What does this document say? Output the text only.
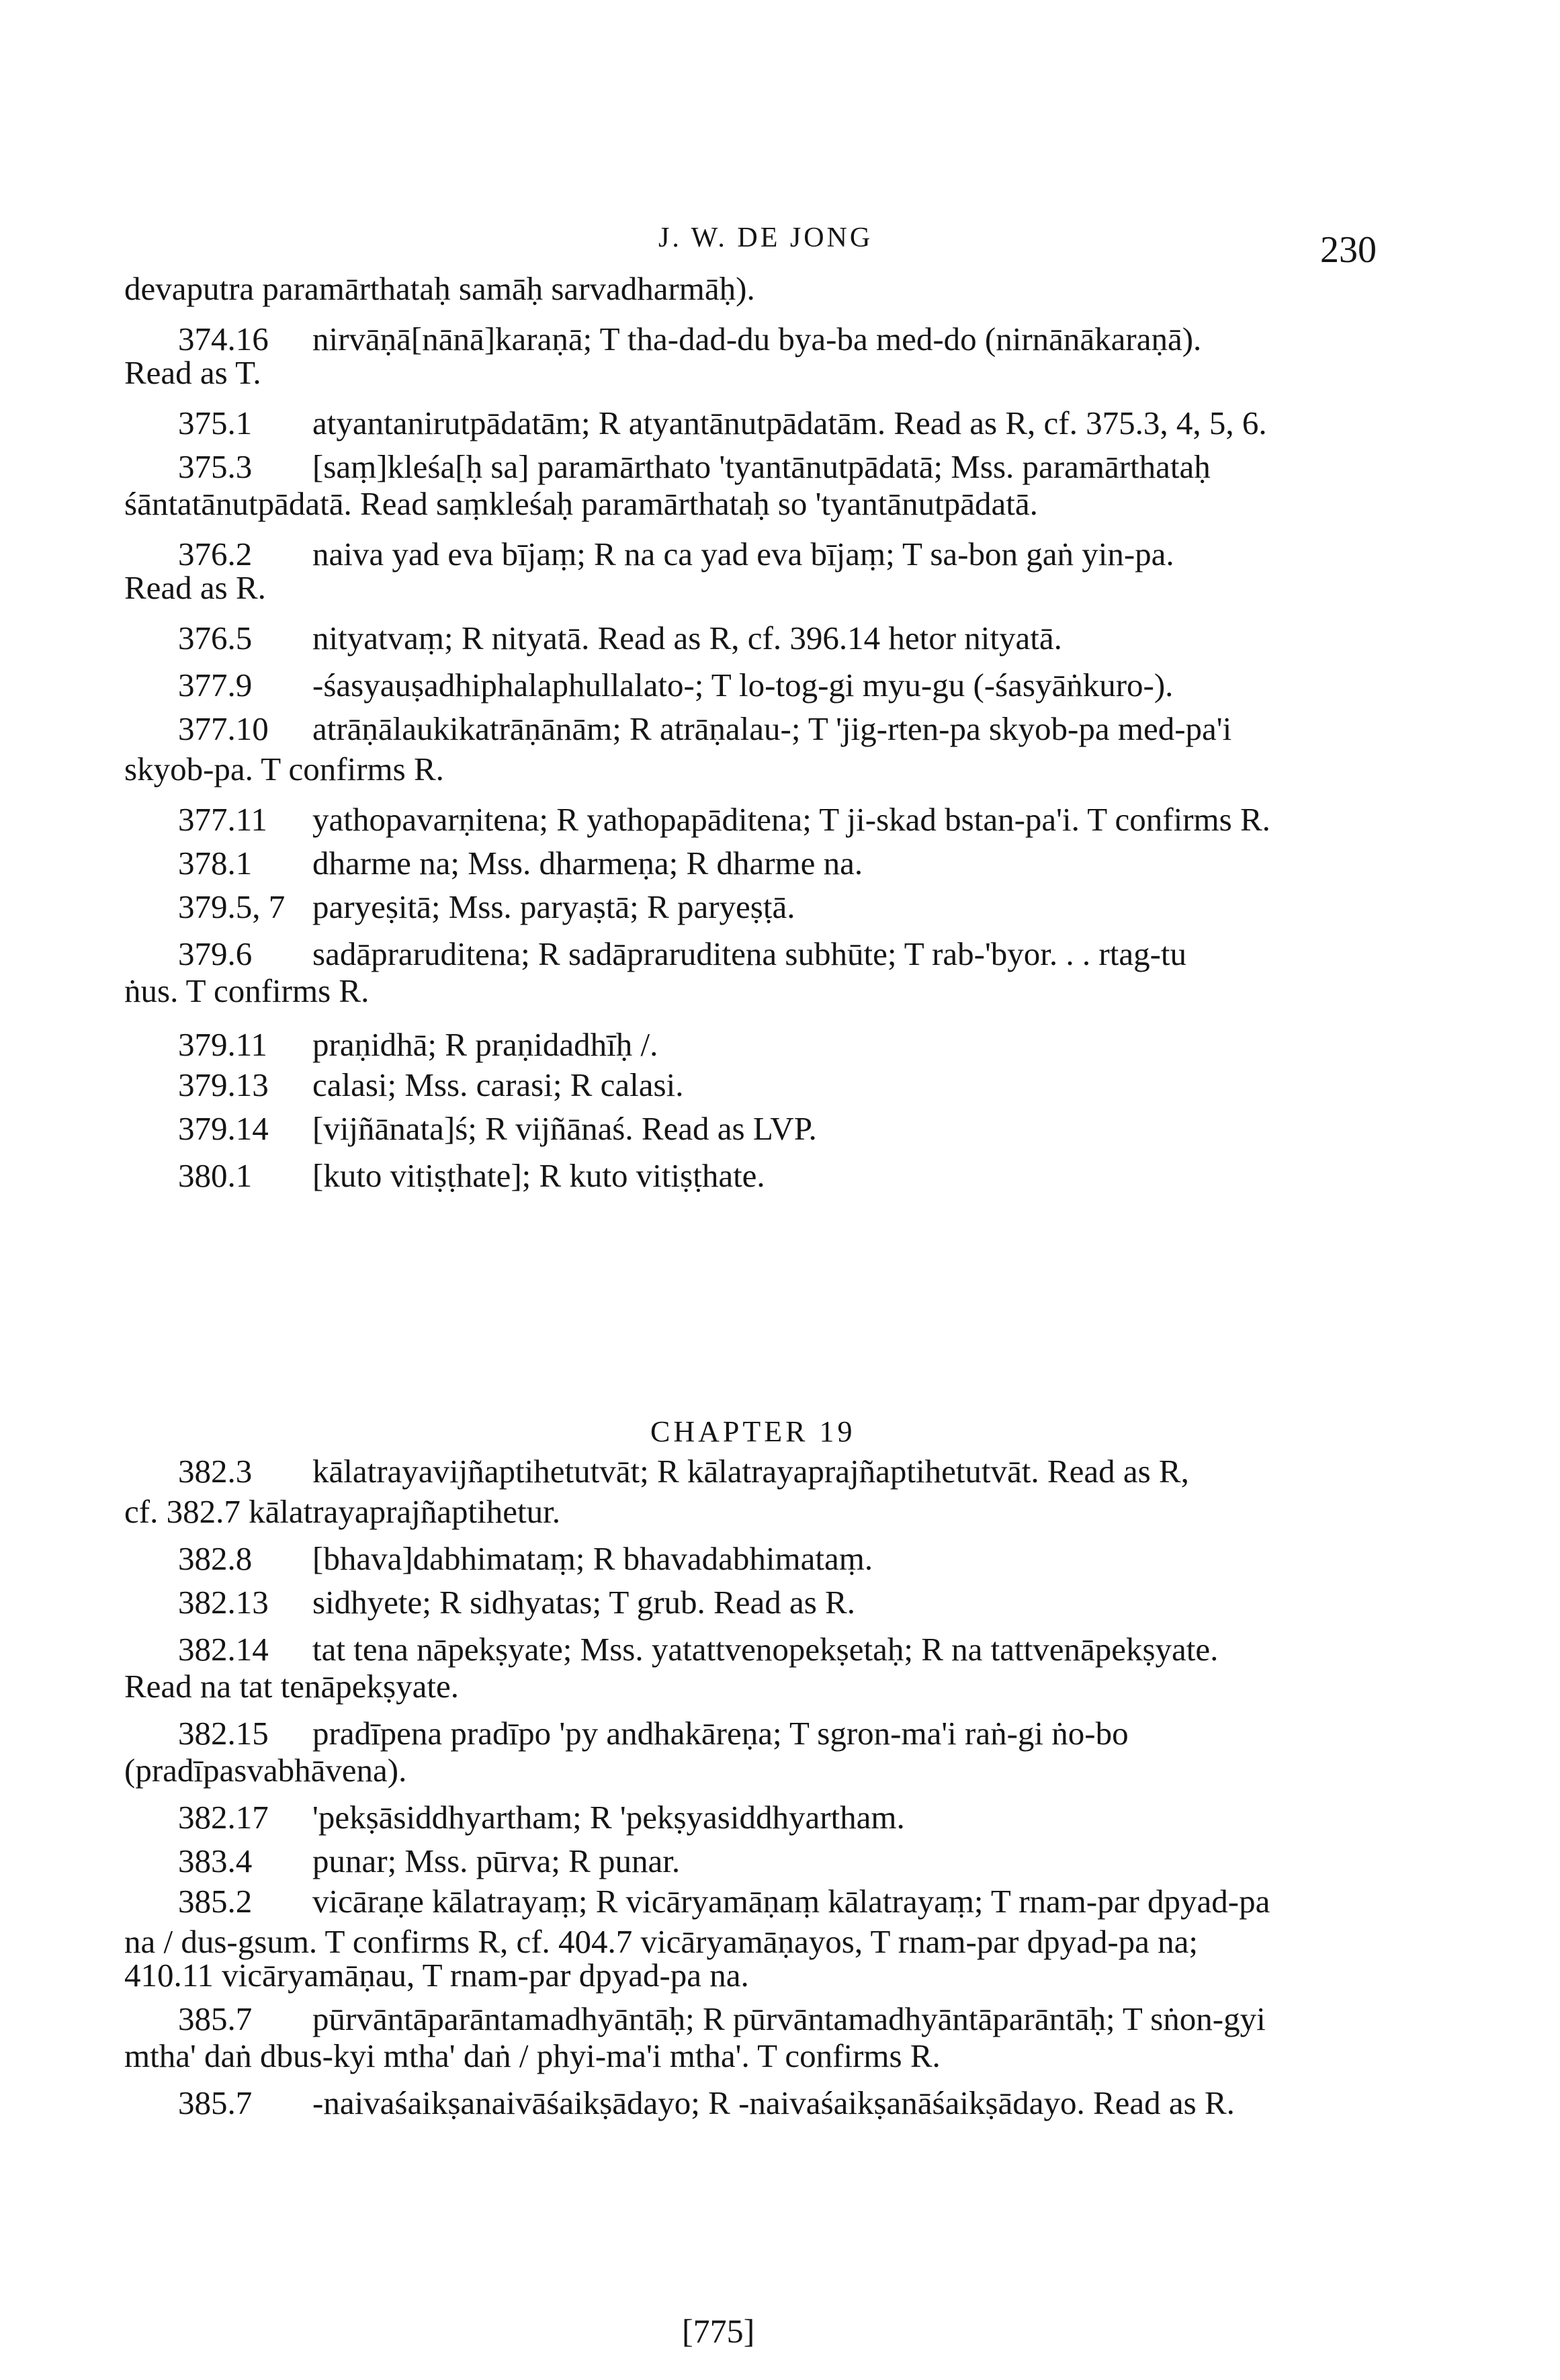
J. W. DE JONG	230
devaputra paramārthataḥ samāḥ sarvadharmāḥ).
374.16 nirvāṇā[nānā]karaṇā; T tha-dad-du bya-ba med-do (nirnānākaraṇā).
Read as T.
375.1 atyantanirutpādatām; R atyantānutpādatām. Read as R, cf. 375.3, 4, 5, 6.
375.3 [saṃ]kleśa[ḥ sa] paramārthato 'tyantānutpādatā; Mss. paramārthataḥ
śāntatānutpādatā. Read saṃkleśaḥ paramārthataḥ so 'tyantānutpādatā.
376.2 naiva yad eva bījaṃ; R na ca yad eva bījaṃ; T sa-bon gaṅ yin-pa.
Read as R.
376.5 nityatvaṃ; R nityatā. Read as R, cf. 396.14 hetor nityatā.
377.9 -śasyauṣadhiphalaphullalato-; T lo-tog-gi myu-gu (-śasyāṅkuro-).
377.10 atrāṇālaukikatrāṇānām; R atrāṇalau-; T 'jig-rten-pa skyob-pa med-pa'i
skyob-pa. T confirms R.
377.11 yathopavarṇitena; R yathopapāditena; T ji-skad bstan-pa'i. T confirms R.
378.1 dharme na; Mss. dharmeṇa; R dharme na.
379.5, 7 paryeṣitā; Mss. paryaṣtā; R paryeṣṭā.
379.6 sadāpraruditena; R sadāpraruditena subhūte; T rab-'byor. . . rtag-tu
ṅus. T confirms R.
379.11 praṇidhā; R praṇidadhīḥ /.
379.13 calasi; Mss. carasi; R calasi.
379.14 [vijñānata]ś; R vijñānaś. Read as LVP.
380.1 [kuto vitiṣṭhate]; R kuto vitiṣṭhate.
CHAPTER 19
382.3 kālatrayavijñaptihetutvāt; R kālatrayaprajñaptihetutvāt. Read as R,
cf. 382.7 kālatrayaprajñaptihetur.
382.8 [bhava]dabhimataṃ; R bhavadabhimataṃ.
382.13 sidhyete; R sidhyatas; T grub. Read as R.
382.14 tat tena nāpekṣyate; Mss. yatattvenopekṣetaḥ; R na tattvenāpekṣyate.
Read na tat tenāpekṣyate.
382.15 pradīpena pradīpo 'py andhakāreṇa; T sgron-ma'i raṅ-gi ṅo-bo
(pradīpasvabhāvena).
382.17 'pekṣāsiddhyartham; R 'pekṣyasiddhyartham.
383.4 punar; Mss. pūrva; R punar.
385.2 vicāraṇe kālatrayaṃ; R vicāryamāṇaṃ kālatrayaṃ; T rnam-par dpyad-pa
na / dus-gsum. T confirms R, cf. 404.7 vicāryamāṇayos, T rnam-par dpyad-pa na;
410.11 vicāryamāṇau, T rnam-par dpyad-pa na.
385.7 pūrvāntāparāntamadhyāntāḥ; R pūrvāntamadhyāntāparāntāḥ; T sṅon-gyi
mtha' daṅ dbus-kyi mtha' daṅ / phyi-ma'i mtha'. T confirms R.
385.7 -naivaśaikṣanaivāśaikṣādayo; R -naivaśaikṣanāśaikṣādayo. Read as R.
[775]
